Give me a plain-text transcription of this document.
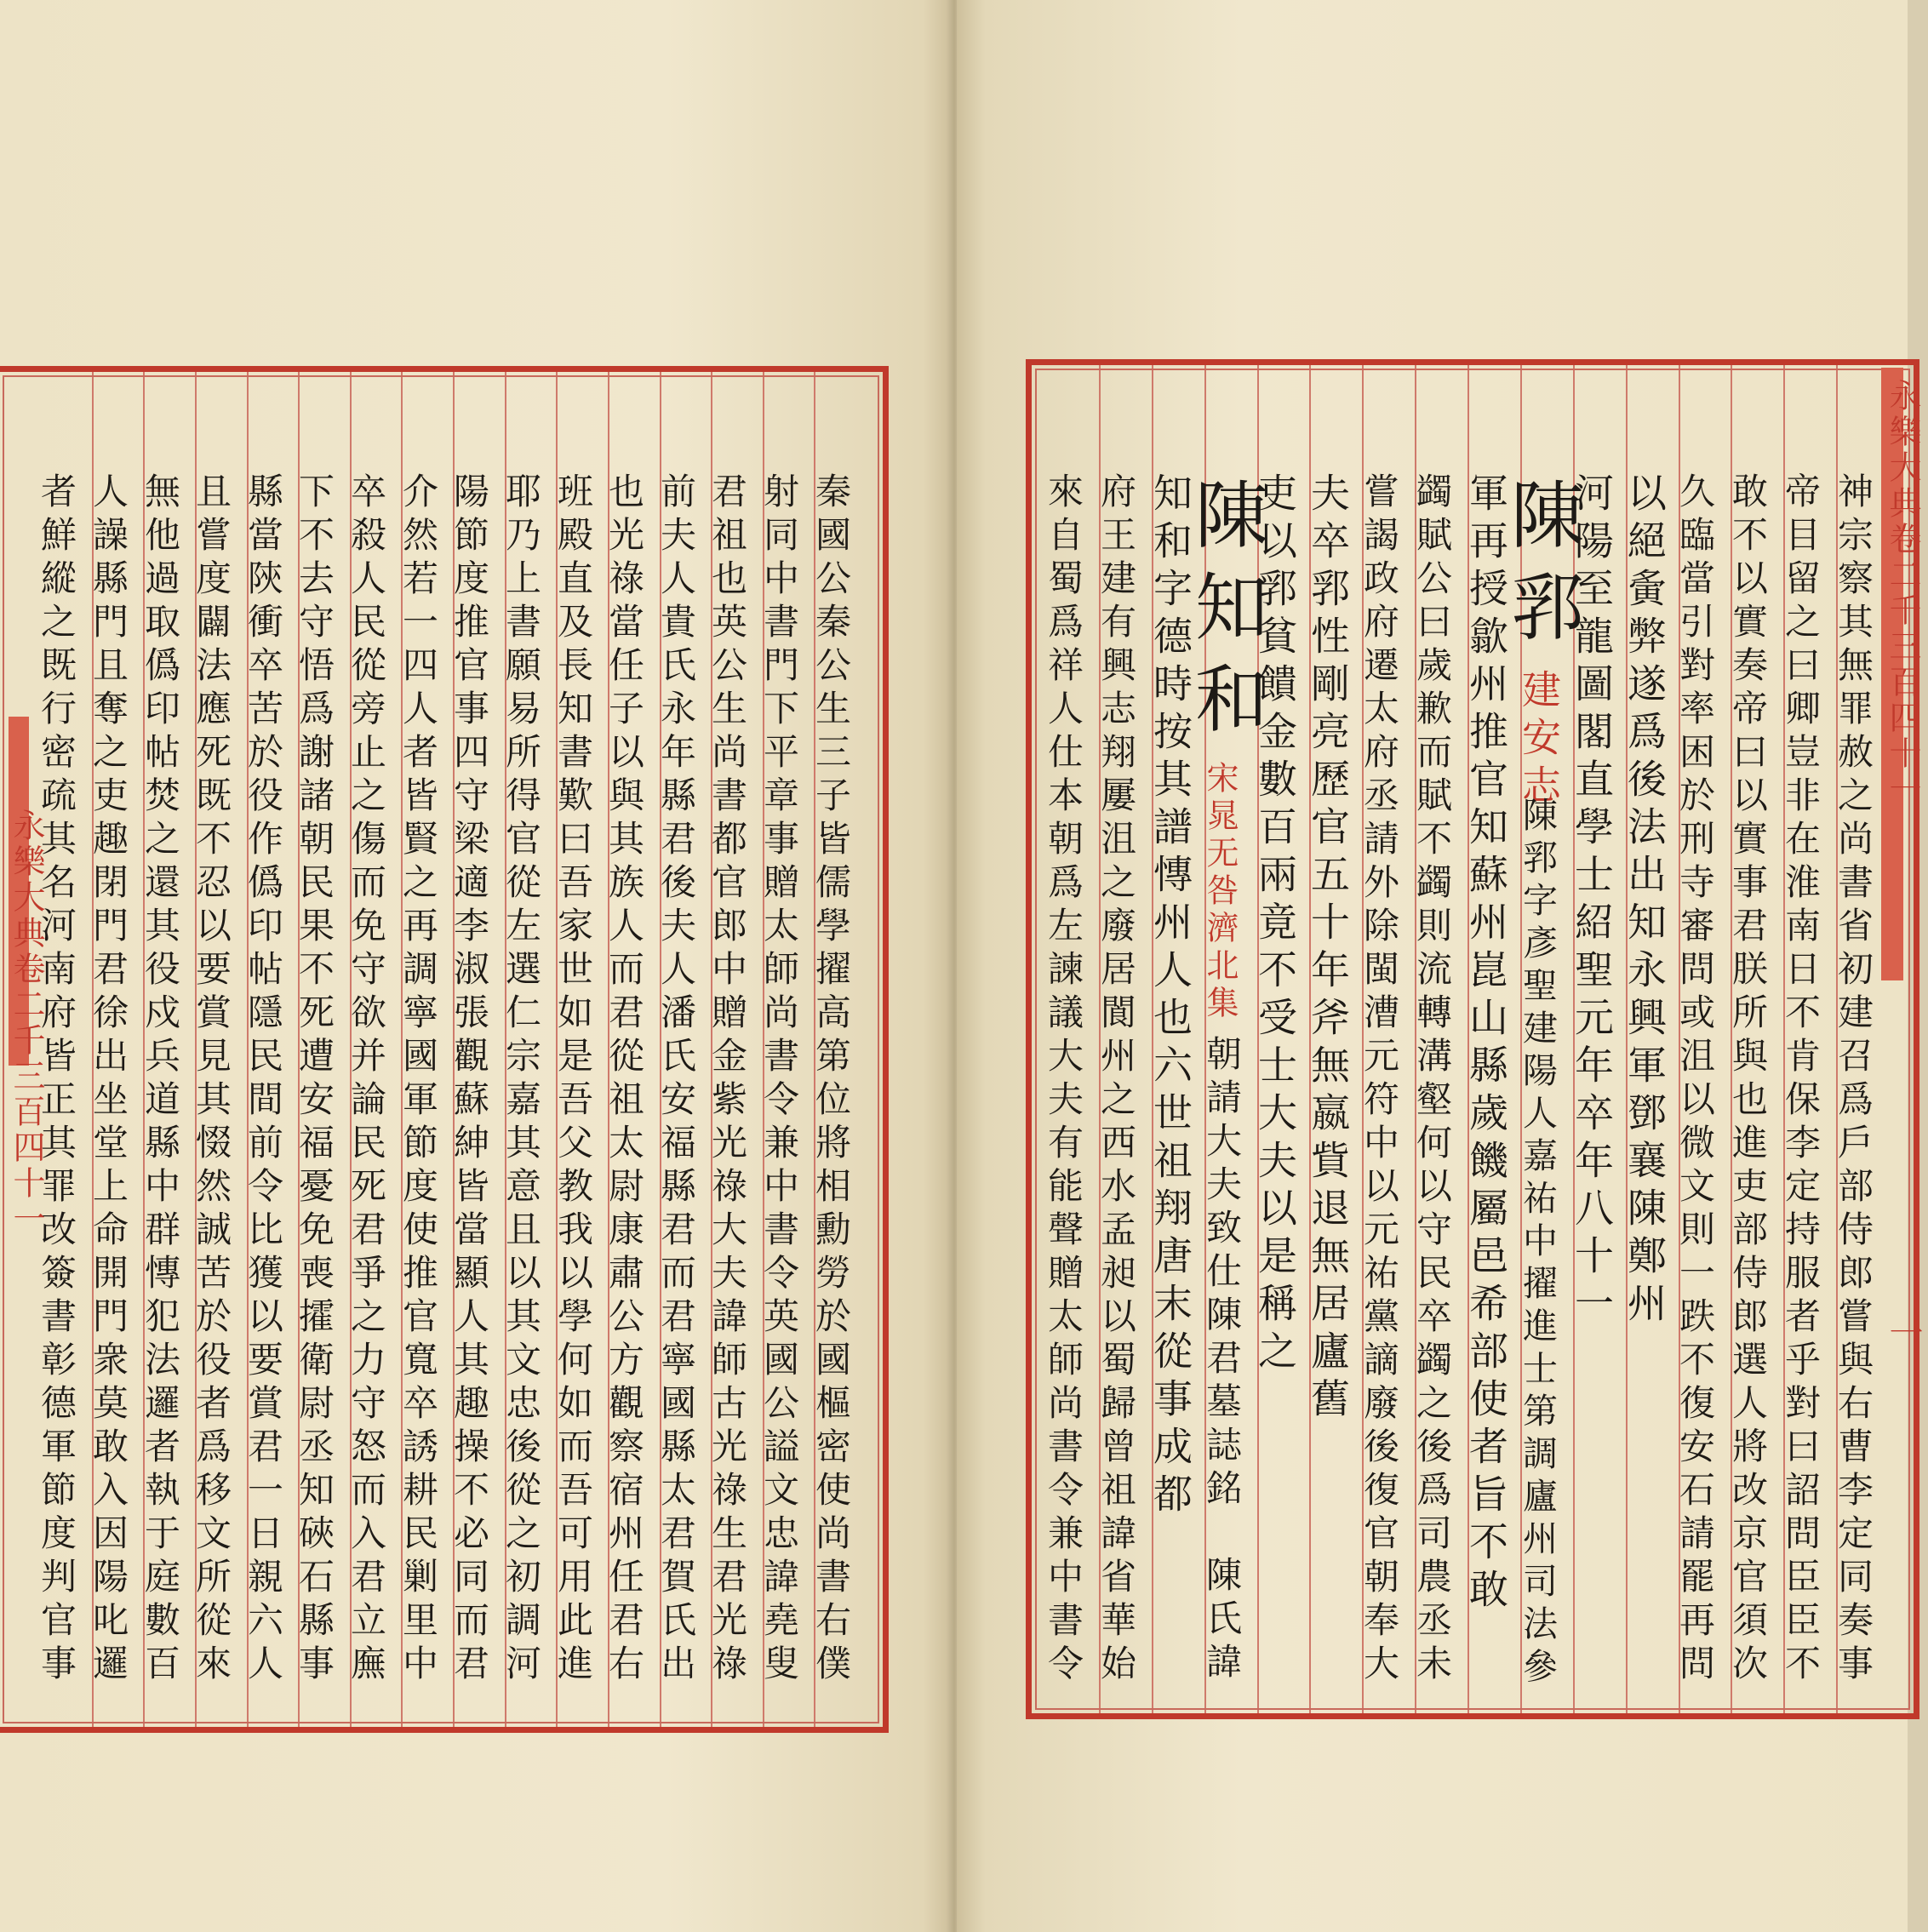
永樂大典卷二千三百四十一
永樂大典卷二千三百四十一
一
秦國公秦公生三子皆儒學擢高第位將相勳勞於國樞密使尚書右僕
射同中書門下平章事贈太師尚書令兼中書令英國公謚文忠諱堯叟
君祖也英公生尚書都官郎中贈金紫光祿大夫諱師古光祿生君光祿
前夫人貴氏永年縣君後夫人潘氏安福縣君而君寧國縣太君賀氏出
也光祿當任子以與其族人而君從祖太尉康肅公方觀察宿州任君右
班殿直及長知書歎曰吾家世如是吾父教我以學何如而吾可用此進
耶乃上書願易所得官從左選仁宗嘉其意且以其文忠後從之初調河
陽節度推官事四守梁適李淑張觀蘇紳皆當顯人其趣操不必同而君
介然若一四人者皆賢之再調寧國軍節度使推官寬卒誘耕民剿里中
卒殺人民從旁止之傷而免守欲并論民死君爭之力守怒而入君立廡
下不去守悟爲謝諸朝民果不死遭安福憂免喪攉衛尉丞知硤石縣事
縣當陝衝卒苦於役作僞印帖隱民間前令比獲以要賞君一日親六人
且嘗度闢法應死既不忍以要賞見其惙然誠苦於役者爲移文所從來
無他過取僞印帖焚之還其役戍兵道縣中群慱犯法邏者執于庭數百
人譟縣門且奪之吏趣閉門君徐出坐堂上命開門衆莫敢入因陽叱邏
者鮮縱之既行密疏其名河南府皆正其罪改簽書彰德軍節度判官事	神宗察其無罪赦之尚書省初建召爲戶部侍郎嘗與右曹李定同奏事
帝目留之曰卿豈非在淮南日不肯保李定持服者乎對曰詔問臣臣不
敢不以實奏帝曰以實事君朕所與也進吏部侍郎選人將改京官須次
久臨當引對率困於刑寺審問或沮以微文則一跌不復安石請罷再問
以絕夤弊遂爲後法出知永興軍鄧襄陳鄭州
河陽至龍圖閣直學士紹聖元年卒年八十一
陳郛
建安志
陳郛字彥聖建陽人嘉祐中擢進士第調廬州司法參
軍再授歙州推官知蘇州崑山縣歲饑屬邑希部使者旨不敢
蠲賦公曰歲歉而賦不蠲則流轉溝壑何以守民卒蠲之後爲司農丞未
嘗謁政府遷太府丞請外除閩漕元符中以元祐黨謫廢後復官朝奉大
夫卒郛性剛亮歷官五十年斧無嬴貲退無居廬舊
吏以郛貧饋金數百兩竟不受士大夫以是稱之
陳知和
宋晁无咎濟北集
朝請大夫致仕陳君墓誌銘　陳氏諱
知和字德時按其譜慱州人也六世祖翔唐末從事成都
府王建有興志翔屢沮之廢居閬州之西水孟昶以蜀歸曾祖諱省華始
來自蜀爲祥人仕本朝爲左諫議大夫有能聲贈太師尚書令兼中書令
